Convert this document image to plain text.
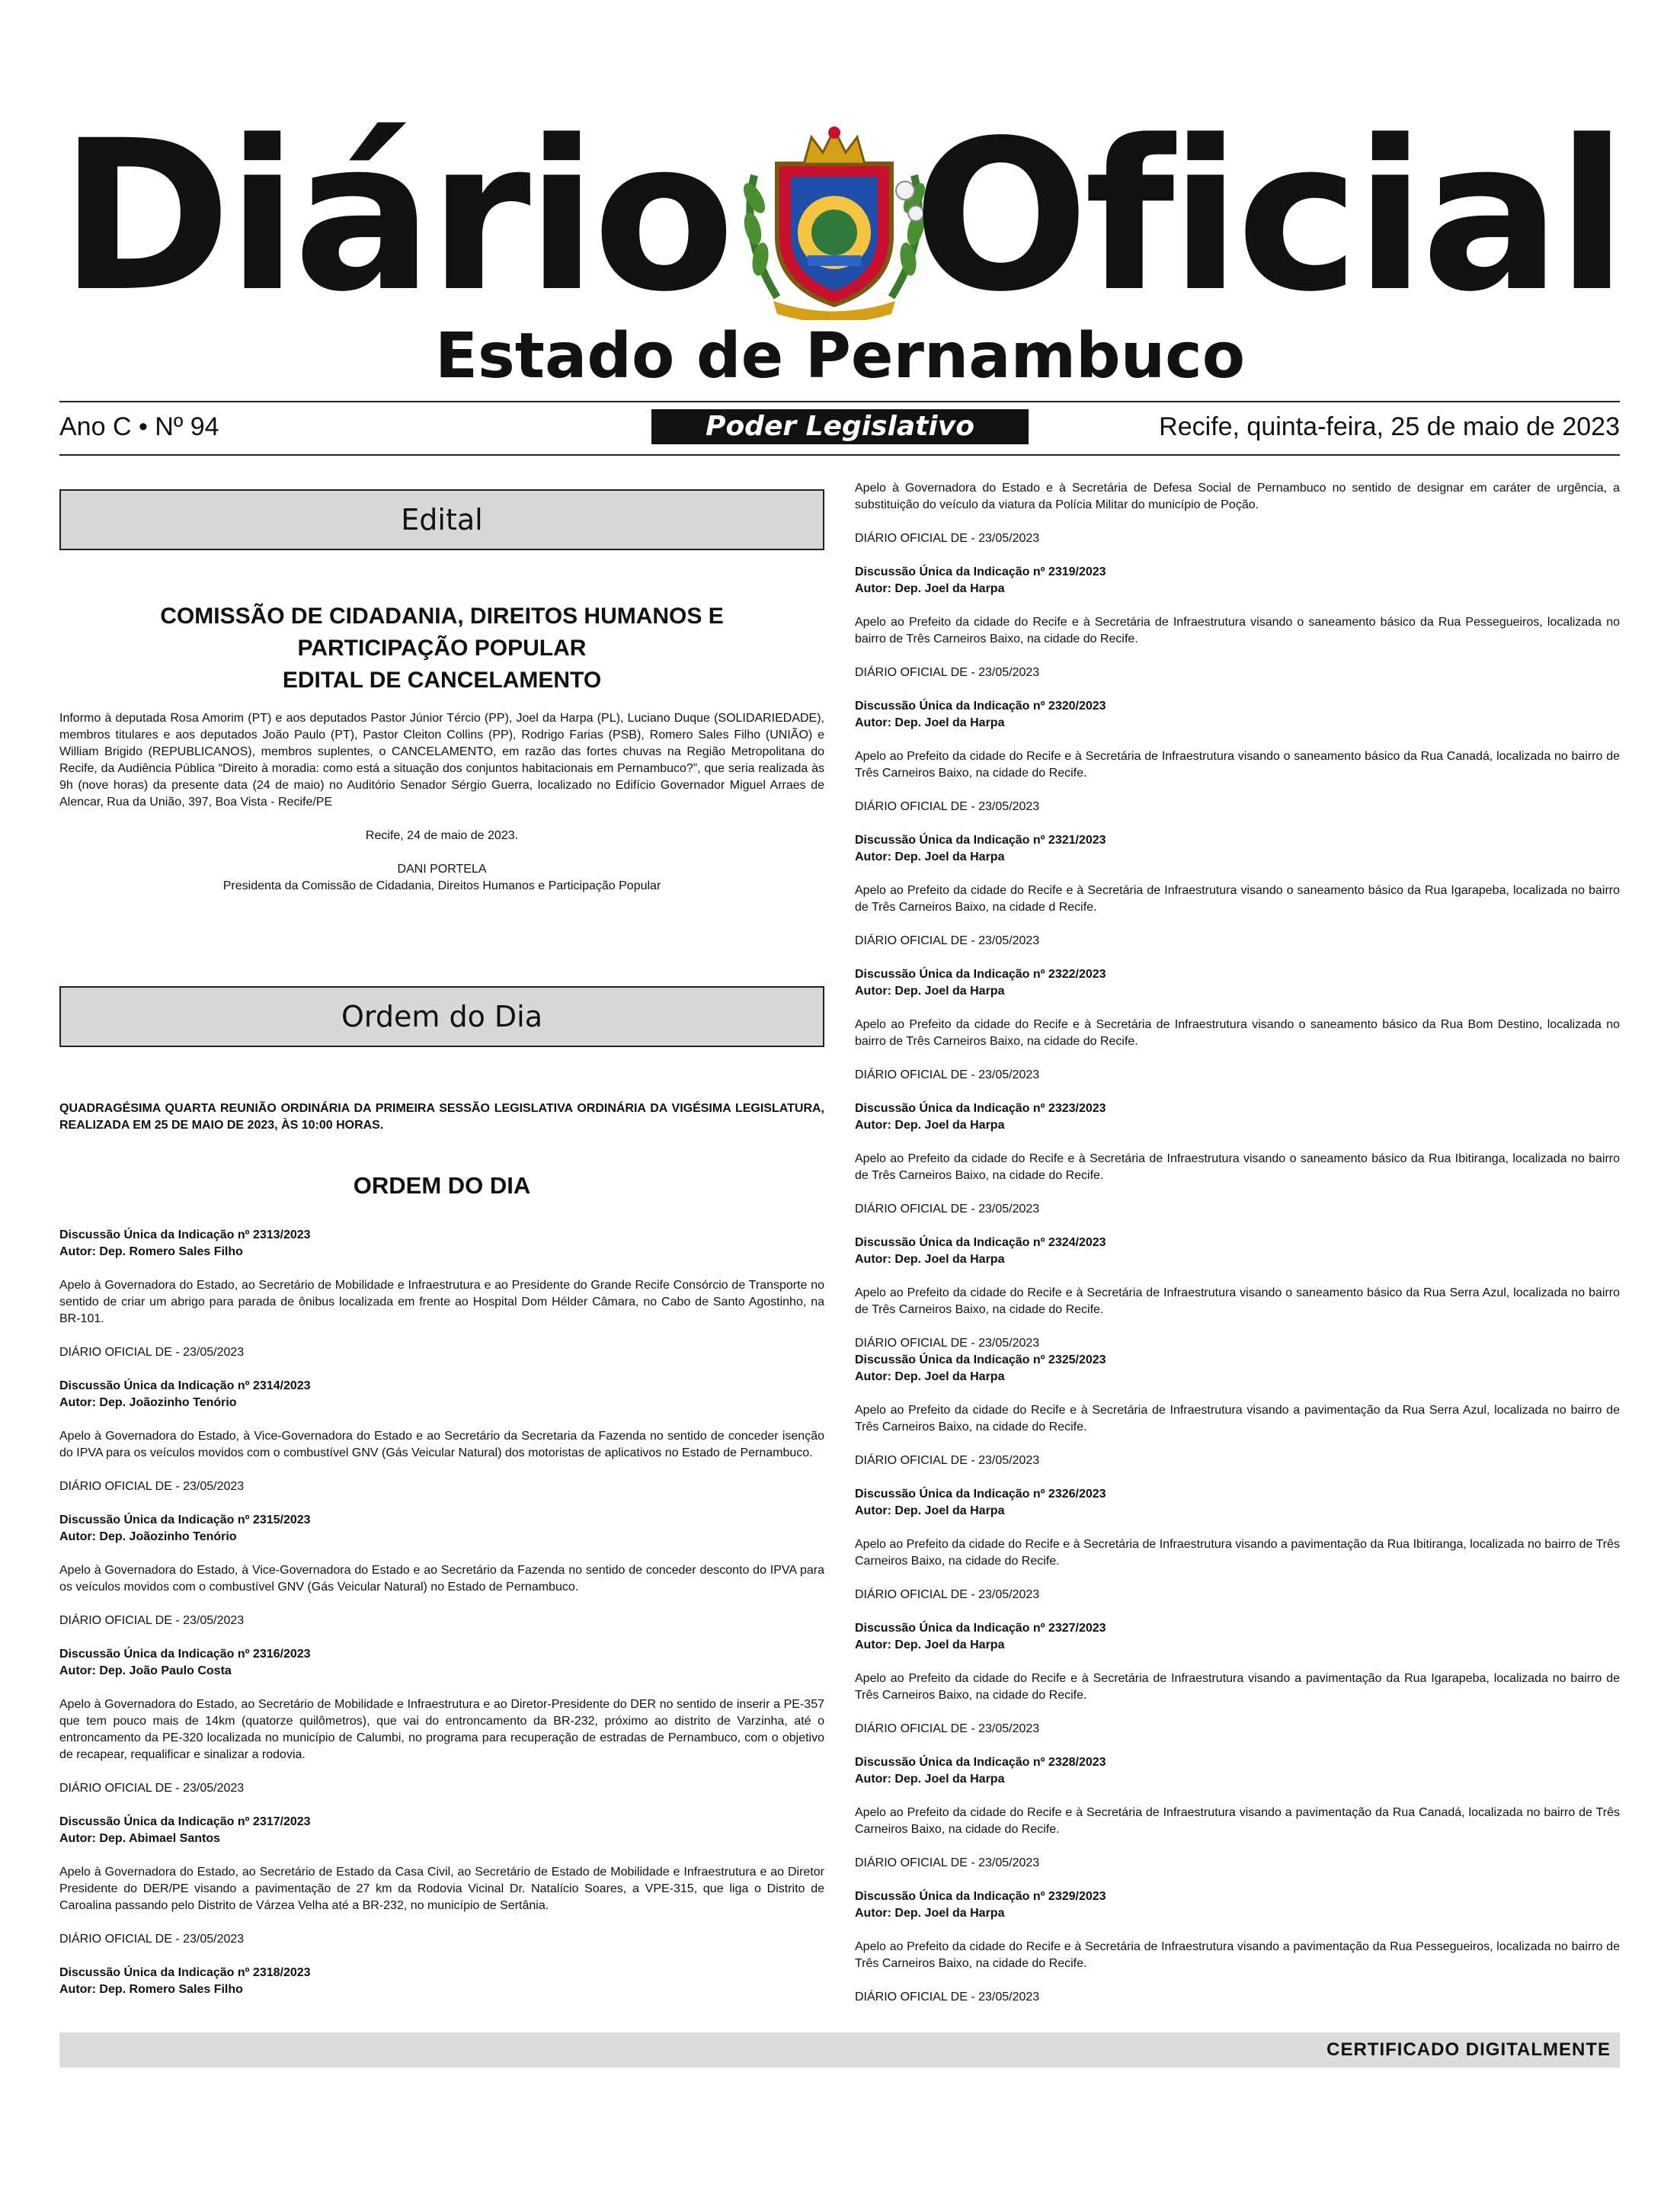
Diário Oficial
Estado de Pernambuco
Ano C • Nº 94	Poder Legislativo	Recife, quinta-feira, 25 de maio de 2023
Edital
COMISSÃO DE CIDADANIA, DIREITOS HUMANOS E
PARTICIPAÇÃO POPULAR
EDITAL DE CANCELAMENTO

Informo à deputada Rosa Amorim (PT) e aos deputados Pastor Júnior Tércio (PP), Joel da Harpa (PL), Luciano Duque (SOLIDARIEDADE), membros titulares e aos deputados João Paulo (PT), Pastor Cleiton Collins (PP), Rodrigo Farias (PSB), Romero Sales Filho (UNIÃO) e William Brigido (REPUBLICANOS), membros suplentes, o CANCELAMENTO, em razão das fortes chuvas na Região Metropolitana do Recife, da Audiência Pública “Direito à moradia: como está a situação dos conjuntos habitacionais em Pernambuco?”, que seria realizada às 9h (nove horas) da presente data (24 de maio) no Auditório Senador Sérgio Guerra, localizado no Edifício Governador Miguel Arraes de Alencar, Rua da União, 397, Boa Vista - Recife/PE

Recife, 24 de maio de 2023.

DANI PORTELA

Presidenta da Comissão de Cidadania, Direitos Humanos e Participação Popular

Ordem do Dia

QUADRAGÉSIMA QUARTA REUNIÃO ORDINÁRIA DA PRIMEIRA SESSÃO LEGISLATIVA ORDINÁRIA DA VIGÉSIMA LEGISLATURA, REALIZADA EM 25 DE MAIO DE 2023, ÀS 10:00 HORAS.

ORDEM DO DIA
Discussão Única da Indicação nº 2313/2023
Autor: Dep. Romero Sales Filho
Apelo à Governadora do Estado, ao Secretário de Mobilidade e Infraestrutura e ao Presidente do Grande Recife Consórcio de Transporte no sentido de criar um abrigo para parada de ônibus localizada em frente ao Hospital Dom Hélder Câmara, no Cabo de Santo Agostinho, na BR-101.
DIÁRIO OFICIAL DE - 23/05/2023
Discussão Única da Indicação nº 2314/2023
Autor: Dep. Joãozinho Tenório
Apelo à Governadora do Estado, à Vice-Governadora do Estado e ao Secretário da Secretaria da Fazenda no sentido de conceder isenção do IPVA para os veículos movidos com o combustível GNV (Gás Veicular Natural) dos motoristas de aplicativos no Estado de Pernambuco.
DIÁRIO OFICIAL DE - 23/05/2023
Discussão Única da Indicação nº 2315/2023
Autor: Dep. Joãozinho Tenório
Apelo à Governadora do Estado, à Vice-Governadora do Estado e ao Secretário da Fazenda no sentido de conceder desconto do IPVA para os veículos movidos com o combustível GNV (Gás Veicular Natural) no Estado de Pernambuco.
DIÁRIO OFICIAL DE - 23/05/2023
Discussão Única da Indicação nº 2316/2023
Autor: Dep. João Paulo Costa
Apelo à Governadora do Estado, ao Secretário de Mobilidade e Infraestrutura e ao Diretor-Presidente do DER no sentido de inserir a PE-357 que tem pouco mais de 14km (quatorze quilômetros), que vai do entroncamento da BR-232, próximo ao distrito de Varzinha, até o entroncamento da PE-320 localizada no município de Calumbi, no programa para recuperação de estradas de Pernambuco, com o objetivo de recapear, requalificar e sinalizar a rodovia.
DIÁRIO OFICIAL DE - 23/05/2023
Discussão Única da Indicação nº 2317/2023
Autor: Dep. Abimael Santos
Apelo à Governadora do Estado, ao Secretário de Estado da Casa Civil, ao Secretário de Estado de Mobilidade e Infraestrutura e ao Diretor Presidente do DER/PE visando a pavimentação de 27 km da Rodovia Vicinal Dr. Natalício Soares, a VPE-315, que liga o Distrito de Caroalina passando pelo Distrito de Várzea Velha até a BR-232, no município de Sertânia.
DIÁRIO OFICIAL DE - 23/05/2023
Discussão Única da Indicação nº 2318/2023
Autor: Dep. Romero Sales Filho
Apelo à Governadora do Estado e à Secretária de Defesa Social de Pernambuco no sentido de designar em caráter de urgência, a substituição do veículo da viatura da Polícia Militar do município de Poção.
DIÁRIO OFICIAL DE - 23/05/2023
Discussão Única da Indicação nº 2319/2023
Autor: Dep. Joel da Harpa
Apelo ao Prefeito da cidade do Recife e à Secretária de Infraestrutura visando o saneamento básico da Rua Pessegueiros, localizada no bairro de Três Carneiros Baixo, na cidade do Recife.
DIÁRIO OFICIAL DE - 23/05/2023
Discussão Única da Indicação nº 2320/2023
Autor: Dep. Joel da Harpa
Apelo ao Prefeito da cidade do Recife e à Secretária de Infraestrutura visando o saneamento básico da Rua Canadá, localizada no bairro de Três Carneiros Baixo, na cidade do Recife.
DIÁRIO OFICIAL DE - 23/05/2023
Discussão Única da Indicação nº 2321/2023
Autor: Dep. Joel da Harpa
Apelo ao Prefeito da cidade do Recife e à Secretária de Infraestrutura visando o saneamento básico da Rua Igarapeba, localizada no bairro de Três Carneiros Baixo, na cidade d Recife.
DIÁRIO OFICIAL DE - 23/05/2023
Discussão Única da Indicação nº 2322/2023
Autor: Dep. Joel da Harpa
Apelo ao Prefeito da cidade do Recife e à Secretária de Infraestrutura visando o saneamento básico da Rua Bom Destino, localizada no bairro de Três Carneiros Baixo, na cidade do Recife.
DIÁRIO OFICIAL DE - 23/05/2023
Discussão Única da Indicação nº 2323/2023
Autor: Dep. Joel da Harpa
Apelo ao Prefeito da cidade do Recife e à Secretária de Infraestrutura visando o saneamento básico da Rua Ibitiranga, localizada no bairro de Três Carneiros Baixo, na cidade do Recife.
DIÁRIO OFICIAL DE - 23/05/2023
Discussão Única da Indicação nº 2324/2023
Autor: Dep. Joel da Harpa
Apelo ao Prefeito da cidade do Recife e à Secretária de Infraestrutura visando o saneamento básico da Rua Serra Azul, localizada no bairro de Três Carneiros Baixo, na cidade do Recife.
DIÁRIO OFICIAL DE - 23/05/2023
Discussão Única da Indicação nº 2325/2023
Autor: Dep. Joel da Harpa
Apelo ao Prefeito da cidade do Recife e à Secretária de Infraestrutura visando a pavimentação da Rua Serra Azul, localizada no bairro de Três Carneiros Baixo, na cidade do Recife.
DIÁRIO OFICIAL DE - 23/05/2023
Discussão Única da Indicação nº 2326/2023
Autor: Dep. Joel da Harpa
Apelo ao Prefeito da cidade do Recife e à Secretária de Infraestrutura visando a pavimentação da Rua Ibitiranga, localizada no bairro de Três Carneiros Baixo, na cidade do Recife.
DIÁRIO OFICIAL DE - 23/05/2023
Discussão Única da Indicação nº 2327/2023
Autor: Dep. Joel da Harpa
Apelo ao Prefeito da cidade do Recife e à Secretária de Infraestrutura visando a pavimentação da Rua Igarapeba, localizada no bairro de Três Carneiros Baixo, na cidade do Recife.
DIÁRIO OFICIAL DE - 23/05/2023
Discussão Única da Indicação nº 2328/2023
Autor: Dep. Joel da Harpa
Apelo ao Prefeito da cidade do Recife e à Secretária de Infraestrutura visando a pavimentação da Rua Canadá, localizada no bairro de Três Carneiros Baixo, na cidade do Recife.
DIÁRIO OFICIAL DE - 23/05/2023
Discussão Única da Indicação nº 2329/2023
Autor: Dep. Joel da Harpa
Apelo ao Prefeito da cidade do Recife e à Secretária de Infraestrutura visando a pavimentação da Rua Pessegueiros, localizada no bairro de Três Carneiros Baixo, na cidade do Recife.
DIÁRIO OFICIAL DE - 23/05/2023
CERTIFICADO DIGITALMENTE
